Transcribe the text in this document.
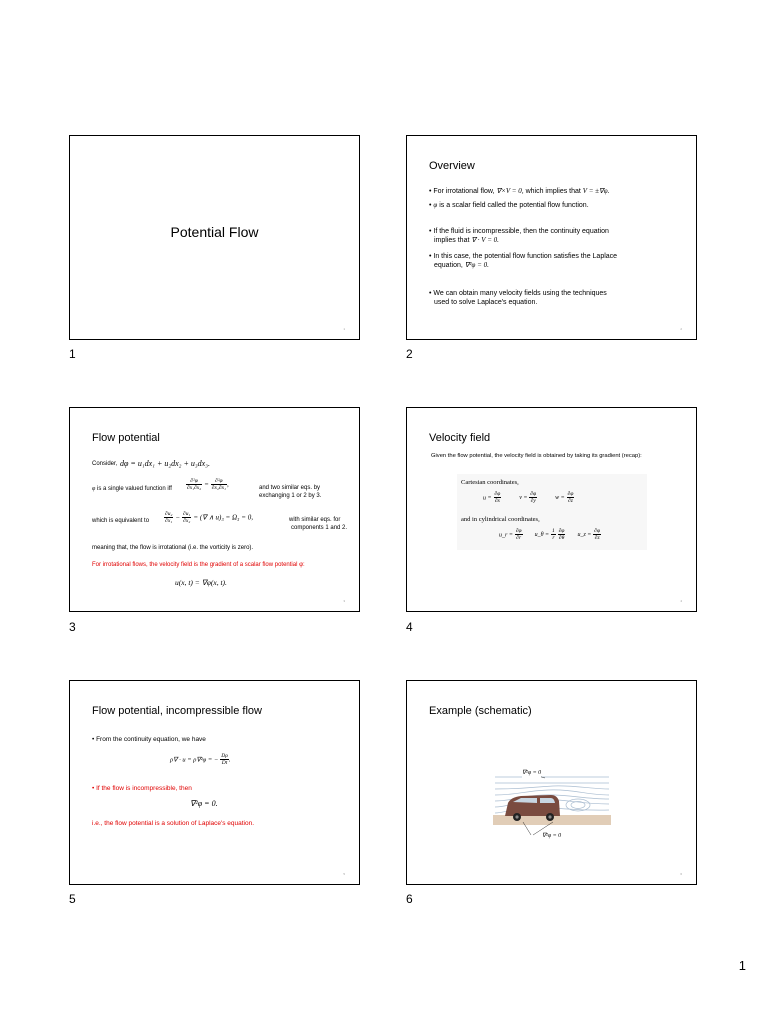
Potential Flow
1
1
Overview
• For irrotational flow, ∇×V = 0, which implies that V = ±∇φ.
• φ is a scalar field called the potential flow function.
• If the fluid is incompressible, then the continuity equation
implies that ∇ · V = 0.
• In this case, the potential flow function satisfies the Laplace
equation, ∇²φ = 0.
• We can obtain many velocity fields using the techniques
used to solve Laplace's equation.
2
2
Flow potential
Consider, dφ = u₁dx₁ + u₂dx₂ + u₃dx₃.
φ is a single valued function iff	$\frac{\text{∂²φ}}{\text{∂x₁∂x₂}} = \frac{\text{∂²φ}}{\text{∂x₂∂x₁}}$ ,	and two similar eqs. by
exchanging 1 or 2 by 3.
which is equivalent to	$\frac{\text{∂u₂}}{\text{∂x₁}} - \frac{\text{∂u₁}}{\text{∂x₂}}$ = (∇ ∧ u)₃ = Ω₃ = 0,	with similar eqs. for
components 1 and 2.
meaning that, the flow is irrotational (i.e. the vorticity is zero).
For irrotational flows, the velocity field is the gradient of a scalar flow potential φ:
u(x, t) = ∇φ(x, t).
3
3
Velocity field
Given the flow potential, the velocity field is obtained by taking its gradient (recap):
Cartesian coordinates,
$u = \frac{\partial\varphi}{\partial x}$	$v = \frac{\partial\varphi}{\partial y}$	$w = \frac{\partial\varphi}{\partial z}$
and in cylindrical coordinates,
u_r = $\frac{\partial\varphi}{\partial r}$ u_θ = $\frac{1}{r}$
$\frac{\partial\varphi}{\partial\theta}$ u_z = $\frac{\partial\varphi}{\partial z}$
4
4
Flow potential, incompressible flow
• From the continuity equation, we have
ρ∇ · u = ρ∇²φ = − $\frac{D\rho}{Dt}$ .
• If the flow is incompressible, then
∇²φ = 0.
i.e., the flow potential is a solution of Laplace's equation.
5
5
Example (schematic)
∇²φ = 0
∇²φ = 0
6
6
1
